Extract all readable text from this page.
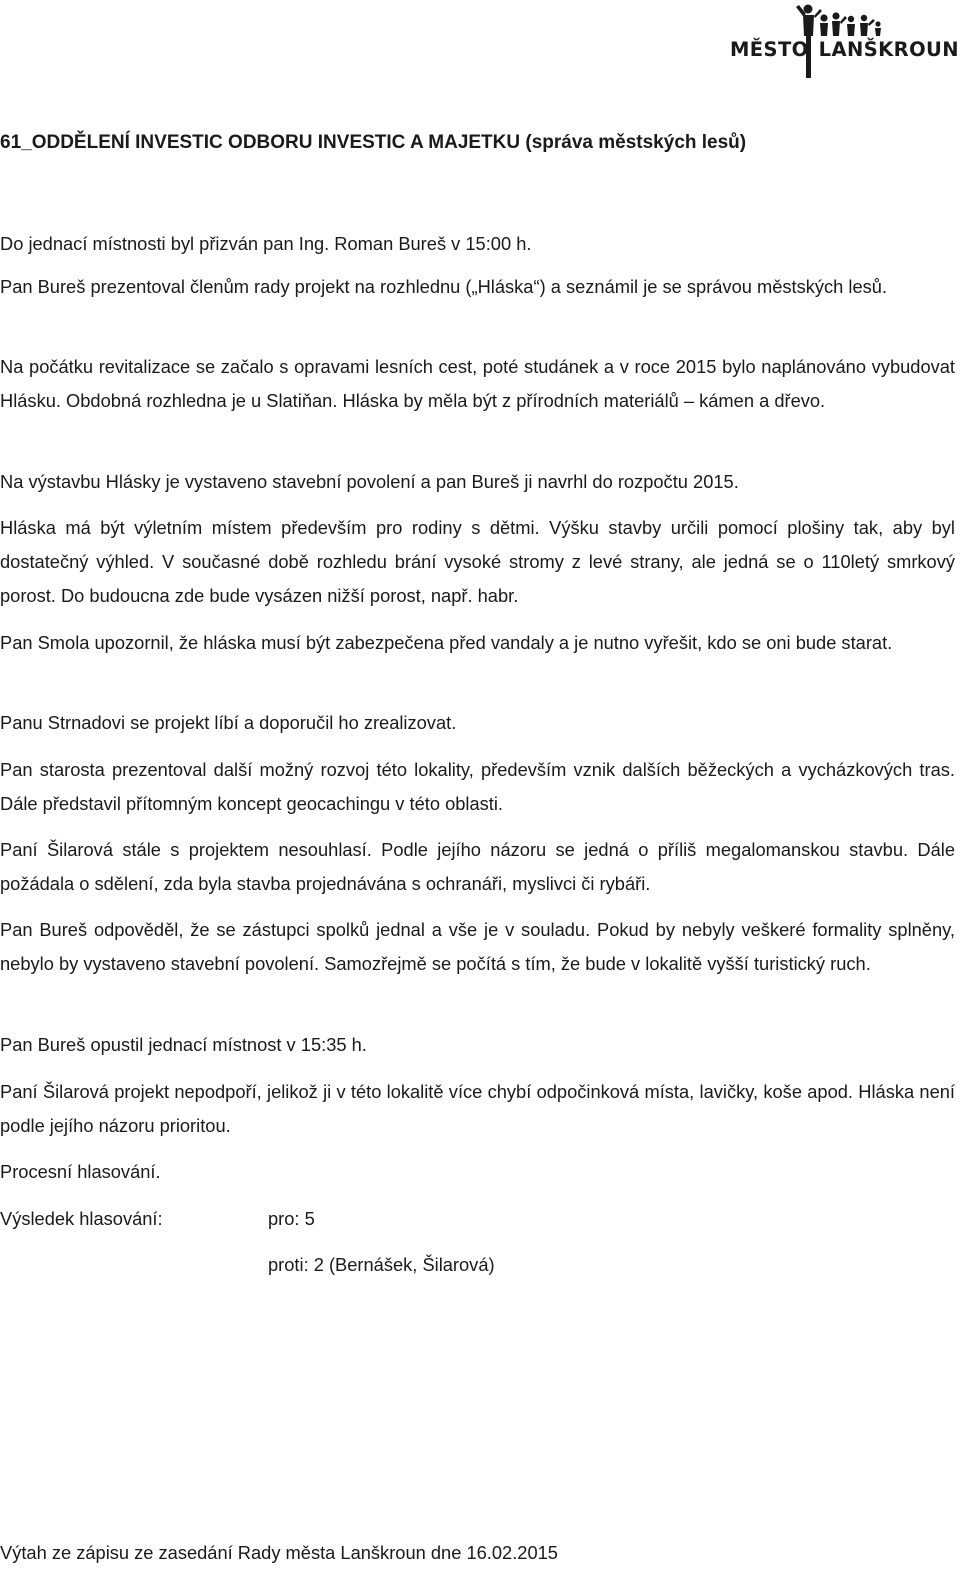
MĚSTO LANŠKROUN
61_ODDĚLENÍ INVESTIC ODBORU INVESTIC A MAJETKU (správa městských lesů)

Do jednací místnosti byl přizván pan Ing. Roman Bureš v 15:00 h.

Pan Bureš prezentoval členům rady projekt na rozhlednu („Hláska“) a seznámil je se správou městských lesů.

Na počátku revitalizace se začalo s opravami lesních cest, poté studánek a v roce 2015 bylo naplánováno vybudovat Hlásku. Obdobná rozhledna je u Slatiňan. Hláska by měla být z přírodních materiálů – kámen a dřevo.

Na výstavbu Hlásky je vystaveno stavební povolení a pan Bureš ji navrhl do rozpočtu 2015.

Hláska má být výletním místem především pro rodiny s dětmi. Výšku stavby určili pomocí plošiny tak, aby byl dostatečný výhled. V současné době rozhledu brání vysoké stromy z levé strany, ale jedná se o 110letý smrkový porost. Do budoucna zde bude vysázen nižší porost, např. habr.

Pan Smola upozornil, že hláska musí být zabezpečena před vandaly a je nutno vyřešit, kdo se oni bude starat.

Panu Strnadovi se projekt líbí a doporučil ho zrealizovat.

Pan starosta prezentoval další možný rozvoj této lokality, především vznik dalších běžeckých a vycházkových tras. Dále představil přítomným koncept geocachingu v této oblasti.

Paní Šilarová stále s projektem nesouhlasí. Podle jejího názoru se jedná o příliš megalomanskou stavbu. Dále požádala o sdělení, zda byla stavba projednávána s ochranáři, myslivci či rybáři.

Pan Bureš odpověděl, že se zástupci spolků jednal a vše je v souladu. Pokud by nebyly veškeré formality splněny, nebylo by vystaveno stavební povolení. Samozřejmě se počítá s tím, že bude v lokalitě vyšší turistický ruch.

Pan Bureš opustil jednací místnost v 15:35 h.

Paní Šilarová projekt nepodpoří, jelikož ji v této lokalitě více chybí odpočinková místa, lavičky, koše apod. Hláska není podle jejího názoru prioritou.

Procesní hlasování.

Výsledek hlasování:	pro: 5
proti: 2 (Bernášek, Šilarová)
Výtah ze zápisu ze zasedání Rady města Lanškroun dne 16.02.2015
